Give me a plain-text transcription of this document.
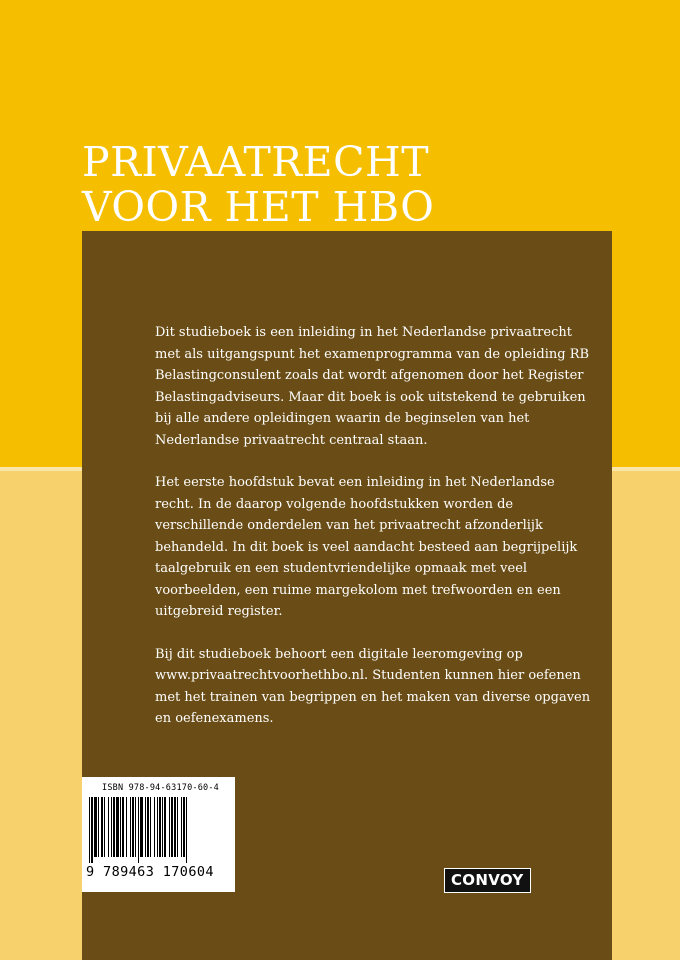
PRIVAATRECHT
VOOR HET HBO

Dit studieboek is een inleiding in het Nederlandse privaatrecht met als uitgangspunt het examenprogramma van de opleiding RB Belastingconsulent zoals dat wordt afgenomen door het Register Belastingadviseurs. Maar dit boek is ook uitstekend te gebruiken bij alle andere opleidingen waarin de beginselen van het Nederlandse privaatrecht centraal staan.

Het eerste hoofdstuk bevat een inleiding in het Nederlandse recht. In de daarop volgende hoofdstukken worden de verschillende onderdelen van het privaatrecht afzonderlijk behandeld. In dit boek is veel aandacht besteed aan begrijpelijk taalgebruik en een studentvriendelijke opmaak met veel voorbeelden, een ruime margekolom met trefwoorden en een uitgebreid register.

Bij dit studieboek behoort een digitale leeromgeving op www.privaatrechtvoorhethbo.nl. Studenten kunnen hier oefenen met het trainen van begrippen en het maken van diverse opgaven en oefenexamens.

ISBN 978-94-63170-60-4

9 789463 170604	CONVOY
